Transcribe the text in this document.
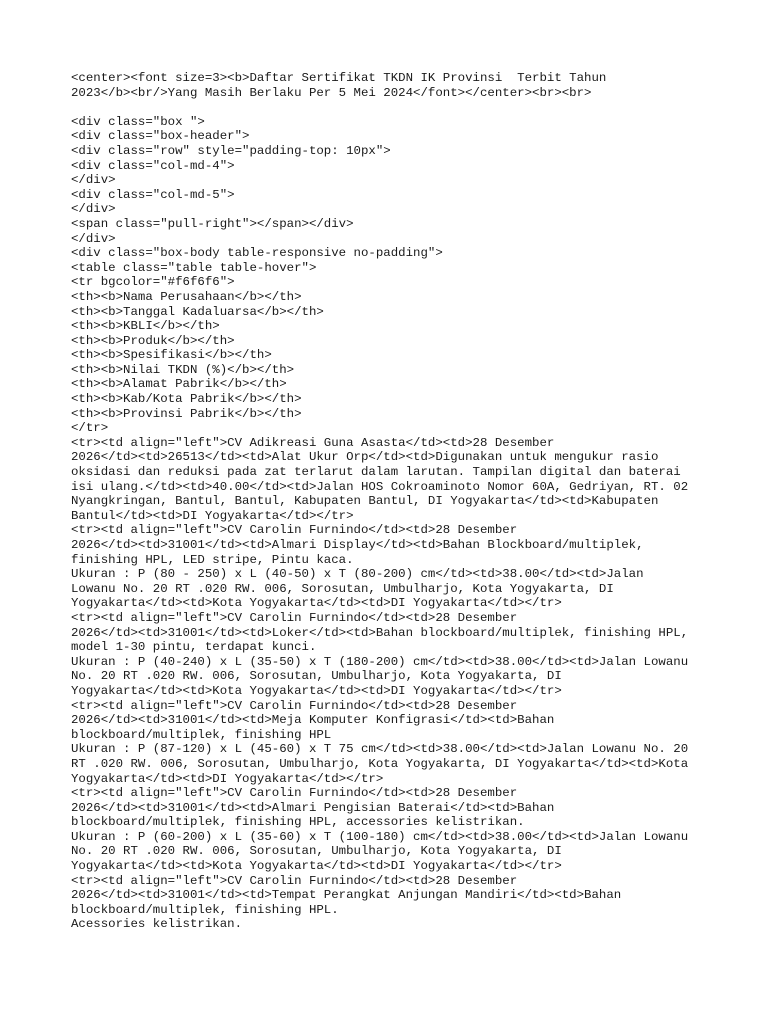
<center><font size=3><b>Daftar Sertifikat TKDN IK Provinsi  Terbit Tahun
2023</b><br/>Yang Masih Berlaku Per 5 Mei 2024</font></center><br><br>
<div class="box ">
<div class="box-header">
<div class="row" style="padding-top: 10px">
<div class="col-md-4">
</div>
<div class="col-md-5">
</div>
<span class="pull-right"></span></div>
</div>
<div class="box-body table-responsive no-padding">
<table class="table table-hover">
<tr bgcolor="#f6f6f6">
<th><b>Nama Perusahaan</b></th>
<th><b>Tanggal Kadaluarsa</b></th>
<th><b>KBLI</b></th>
<th><b>Produk</b></th>
<th><b>Spesifikasi</b></th>
<th><b>Nilai TKDN (%)</b></th>
<th><b>Alamat Pabrik</b></th>
<th><b>Kab/Kota Pabrik</b></th>
<th><b>Provinsi Pabrik</b></th>
</tr>
<tr><td align="left">CV Adikreasi Guna Asasta</td><td>28 Desember
2026</td><td>26513</td><td>Alat Ukur Orp</td><td>Digunakan untuk mengukur rasio
oksidasi dan reduksi pada zat terlarut dalam larutan. Tampilan digital dan baterai
isi ulang.</td><td>40.00</td><td>Jalan HOS Cokroaminoto Nomor 60A, Gedriyan, RT. 02
Nyangkringan, Bantul, Bantul, Kabupaten Bantul, DI Yogyakarta</td><td>Kabupaten
Bantul</td><td>DI Yogyakarta</td></tr>
<tr><td align="left">CV Carolin Furnindo</td><td>28 Desember
2026</td><td>31001</td><td>Almari Display</td><td>Bahan Blockboard/multiplek,
finishing HPL, LED stripe, Pintu kaca.
Ukuran : P (80 - 250) x L (40-50) x T (80-200) cm</td><td>38.00</td><td>Jalan
Lowanu No. 20 RT .020 RW. 006, Sorosutan, Umbulharjo, Kota Yogyakarta, DI
Yogyakarta</td><td>Kota Yogyakarta</td><td>DI Yogyakarta</td></tr>
<tr><td align="left">CV Carolin Furnindo</td><td>28 Desember
2026</td><td>31001</td><td>Loker</td><td>Bahan blockboard/multiplek, finishing HPL,
model 1-30 pintu, terdapat kunci.
Ukuran : P (40-240) x L (35-50) x T (180-200) cm</td><td>38.00</td><td>Jalan Lowanu
No. 20 RT .020 RW. 006, Sorosutan, Umbulharjo, Kota Yogyakarta, DI
Yogyakarta</td><td>Kota Yogyakarta</td><td>DI Yogyakarta</td></tr>
<tr><td align="left">CV Carolin Furnindo</td><td>28 Desember
2026</td><td>31001</td><td>Meja Komputer Konfigrasi</td><td>Bahan
blockboard/multiplek, finishing HPL
Ukuran : P (87-120) x L (45-60) x T 75 cm</td><td>38.00</td><td>Jalan Lowanu No. 20
RT .020 RW. 006, Sorosutan, Umbulharjo, Kota Yogyakarta, DI Yogyakarta</td><td>Kota
Yogyakarta</td><td>DI Yogyakarta</td></tr>
<tr><td align="left">CV Carolin Furnindo</td><td>28 Desember
2026</td><td>31001</td><td>Almari Pengisian Baterai</td><td>Bahan
blockboard/multiplek, finishing HPL, accessories kelistrikan.
Ukuran : P (60-200) x L (35-60) x T (100-180) cm</td><td>38.00</td><td>Jalan Lowanu
No. 20 RT .020 RW. 006, Sorosutan, Umbulharjo, Kota Yogyakarta, DI
Yogyakarta</td><td>Kota Yogyakarta</td><td>DI Yogyakarta</td></tr>
<tr><td align="left">CV Carolin Furnindo</td><td>28 Desember
2026</td><td>31001</td><td>Tempat Perangkat Anjungan Mandiri</td><td>Bahan
blockboard/multiplek, finishing HPL.
Acessories kelistrikan.
